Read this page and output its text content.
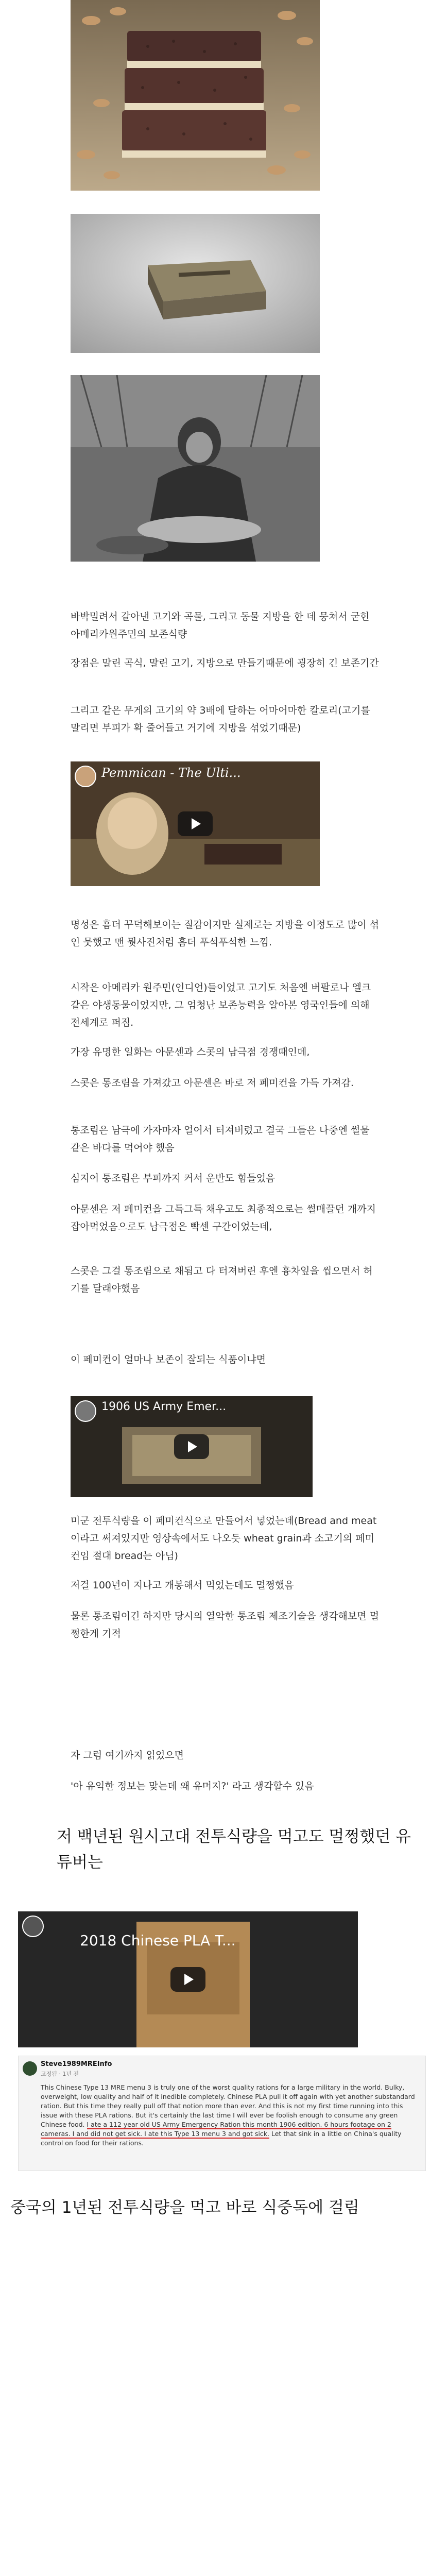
바박밀려서 갈아낸 고기와 곡물, 그리고 동물 지방을 한 데 뭉쳐서 굳힌 아메리카원주민의 보존식량
장점은 말린 곡식, 말린 고기, 지방으로 만들기때문에 굉장히 긴 보존기간
그리고 같은 무게의 고기의 약 3배에 달하는 어마어마한 칼로리(고기를 말리면 부피가 확 줄어들고 거기에 지방을 섞었기때문)
Pemmican - The Ulti...
명성은 흠더 꾸덕해보이는 질감이지만 실제로는 지방을 이정도로 많이 섞인 뭇했고 맨 뭣사진처럼 흠더 푸석푸석한 느낌.
시작은 아메리카 원주민(인디언)들이었고 고기도 처음엔 버팔로나 엘크같은 야생동물이었지만, 그 엄청난 보존능력을 알아본 영국인들에 의해 전세계로 퍼짐.
가장 유명한 일화는 아문센과 스콧의 남극점 경쟁때인데,
스콧은 통조림을 가져갔고 아문센은 바로 저 페미컨을 가득 가져감.
통조림은 남극에 가자마자 얼어서 터져버렸고 결국 그들은 나중엔 썰물 같은 바다를 먹어야 했음
심지어 통조림은 부피까지 커서 운반도 힘들었음
아문센은 저 페미컨을 그득그득 채우고도 최종적으로는 썰매끌던 개까지 잡아먹었음으로도 남극점은 빡센 구간이었는데,
스콧은 그걸 통조림으로 채됨고 다 터져버린 후엔 흉차잎을 씹으면서 허기를 달래야했음
이 페미컨이 얼마나 보존이 잘되는 식품이냐면
1906 US Army Emer...
미군 전투식량을 이 페미컨식으로 만들어서 넣었는데(Bread and meat이라고 써져있지만 영상속에서도 나오듯 wheat grain과 소고기의 페미컨임 절대 bread는 아님)
저걸 100년이 지나고 개봉해서 먹었는데도 멀쩡했음
물론 통조림이긴 하지만 당시의 열악한 통조림 제조기술을 생각해보면 멀쩡한게 기적
자 그럼 여기까지 읽었으면
'아 유익한 정보는 맞는데 왜 유머지?' 라고 생각할수 있음
저 백년된 원시고대 전투식량을 먹고도 멀쩡했던 유튜버는
2018 Chinese PLA T...
Steve1989MREInfo
고정됨 · 1년 전
This Chinese Type 13 MRE menu 3 is truly one of the worst quality rations for a large military in the world. Bulky, overweight, low quality and half of it inedible completely. Chinese PLA pull it off again with yet another substandard ration. But this time they really pull off that notion more than ever. And this is not my first time running into this issue with these PLA rations. But it's certainly the last time I will ever be foolish enough to consume any green Chinese food. I ate a 112 year old US Army Emergency Ration this month 1906 edition. 6 hours footage on 2 cameras. I and did not get sick. I ate this Type 13 menu 3 and got sick. Let that sink in a little on China's quality control on food for their rations.
중국의 1년된 전투식량을 먹고 바로 식중독에 걸림
